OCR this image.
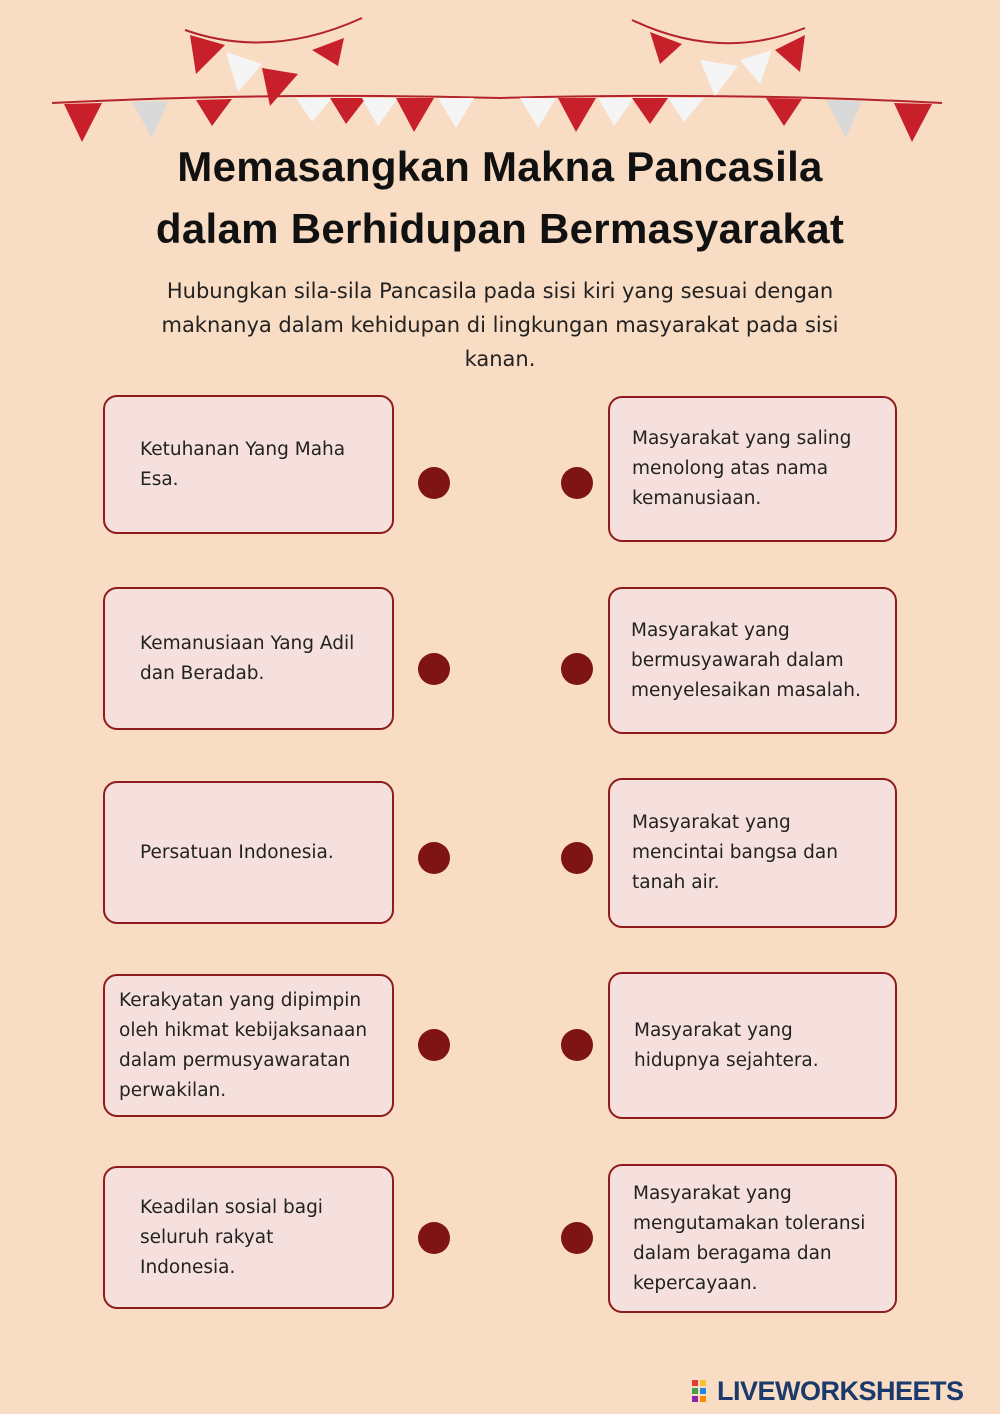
Memasangkan Makna Pancasila
dalam Berhidupan Bermasyarakat
Hubungkan sila-sila Pancasila pada sisi kiri yang sesuai dengan
maknanya dalam kehidupan di lingkungan masyarakat pada sisi
kanan.
Ketuhanan Yang Maha
Esa.
Kemanusiaan Yang Adil
dan Beradab.
Persatuan Indonesia.
Kerakyatan yang dipimpin
oleh hikmat kebijaksanaan
dalam permusyawaratan
perwakilan.
Keadilan sosial bagi
seluruh rakyat
Indonesia.
Masyarakat yang saling
menolong atas nama
kemanusiaan.
Masyarakat yang
bermusyawarah dalam
menyelesaikan masalah.
Masyarakat yang
mencintai bangsa dan
tanah air.
Masyarakat yang
hidupnya sejahtera.
Masyarakat yang
mengutamakan toleransi
dalam beragama dan
kepercayaan.
LIVEWORKSHEETS
